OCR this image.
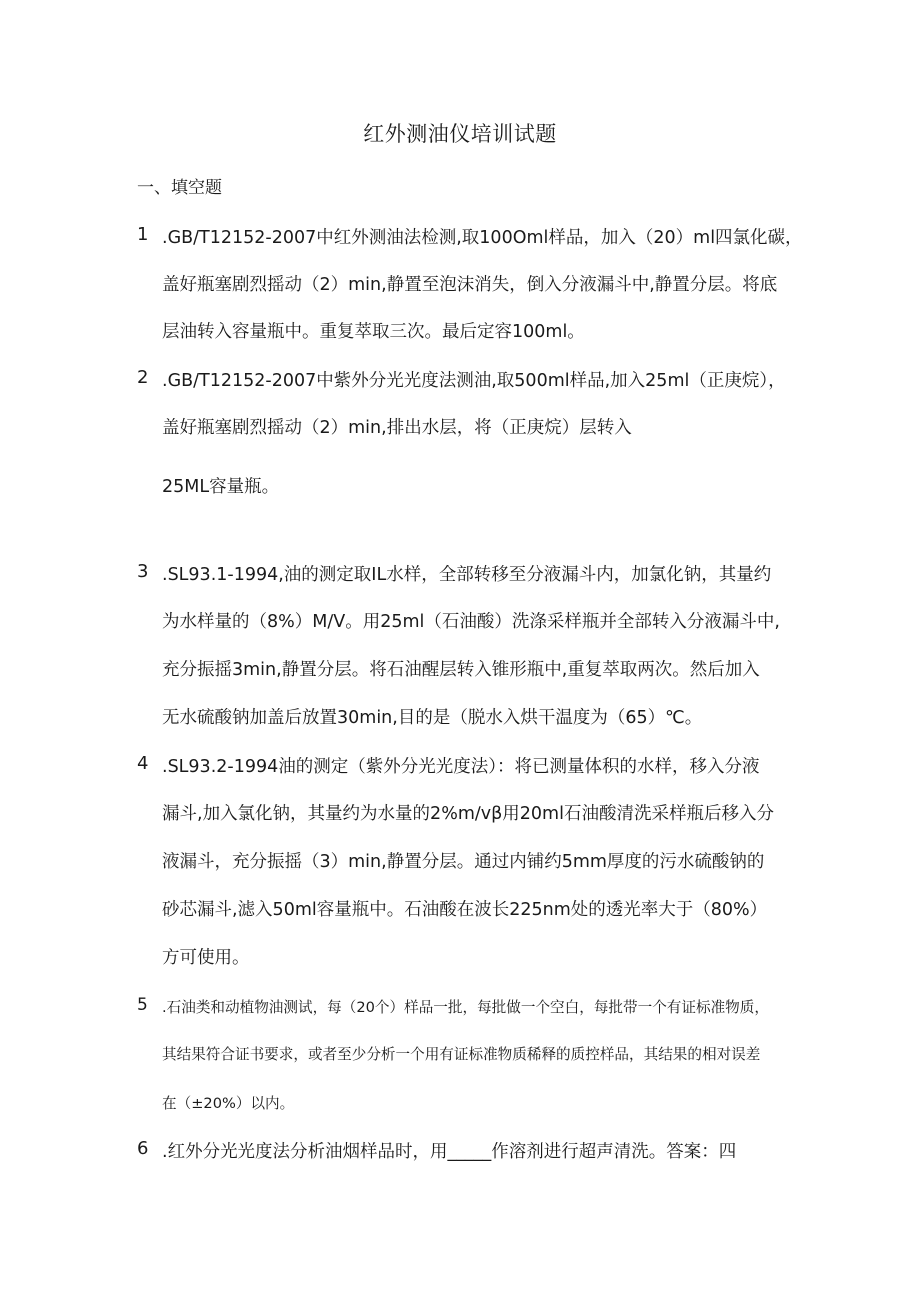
红外测油仪培训试题
一、填空题
1 .GB/T12152-2007中红外测油法检测,取100Oml样品，加入（20）ml四氯化碳，
盖好瓶塞剧烈摇动（2）min,静置至泡沫消失，倒入分液漏斗中,静置分层。将底
层油转入容量瓶中。重复萃取三次。最后定容100ml。
2 .GB/T12152-2007中紫外分光光度法测油,取500ml样品,加入25ml（正庚烷），
盖好瓶塞剧烈摇动（2）min,排出水层，将（正庚烷）层转入
25ML容量瓶。
3 .SL93.1-1994,油的测定取IL水样，全部转移至分液漏斗内，加氯化钠，其量约
为水样量的（8%）M∕V。用25ml（石油酸）洗涤采样瓶并全部转入分液漏斗中,
充分振摇3min,静置分层。将石油醒层转入锥形瓶中,重复萃取两次。然后加入
无水硫酸钠加盖后放置30min,目的是（脱水入烘干温度为（65）℃。
4 .SL93.2-1994油的测定（紫外分光光度法）：将已测量体积的水样，移入分液
漏斗,加入氯化钠，其量约为水量的2%m∕vβ用20ml石油酸清洗采样瓶后移入分
液漏斗，充分振摇（3）min,静置分层。通过内铺约5mm厚度的污水硫酸钠的
砂芯漏斗,滤入50ml容量瓶中。石油酸在波长225nm处的透光率大于（80%）
方可使用。
5 .石油类和动植物油测试，每（20个）样品一批，每批做一个空白，每批带一个有证标准物质，
其结果符合证书要求，或者至少分析一个用有证标准物质稀释的质控样品，其结果的相对误差
在（±20%）以内。
6 .红外分光光度法分析油烟样品时，用_____作溶剂进行超声清洗。答案：四
